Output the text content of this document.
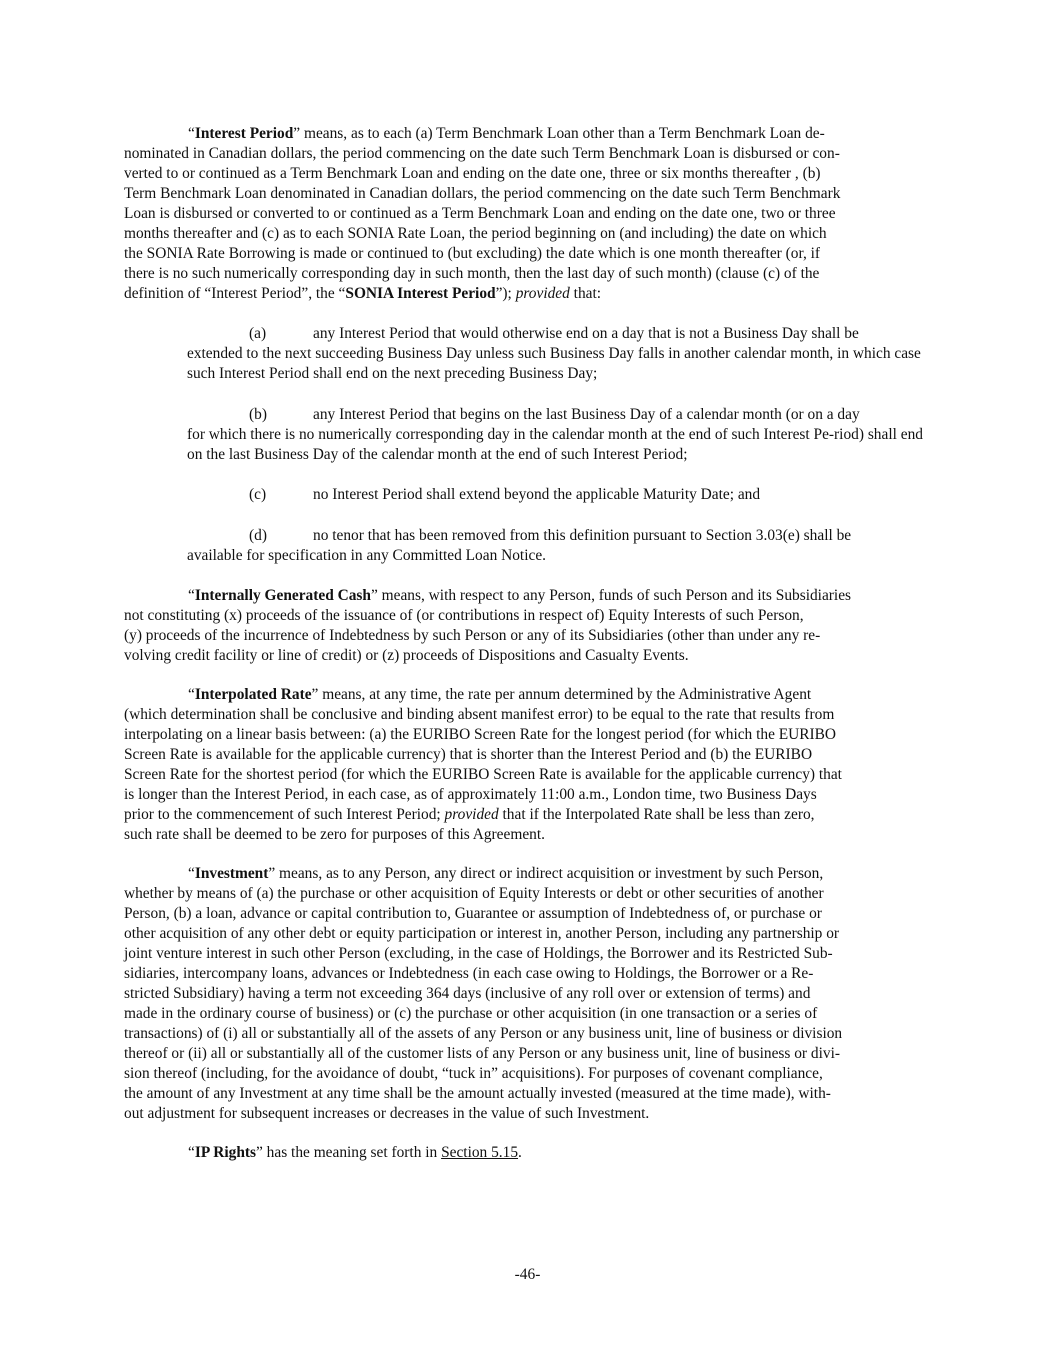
“Interest Period” means, as to each (a) Term Benchmark Loan other than a Term Benchmark Loan de-
nominated in Canadian dollars, the period commencing on the date such Term Benchmark Loan is disbursed or con-
verted to or continued as a Term Benchmark Loan and ending on the date one, three or six months thereafter , (b)
Term Benchmark Loan denominated in Canadian dollars, the period commencing on the date such Term Benchmark
Loan is disbursed or converted to or continued as a Term Benchmark Loan and ending on the date one, two or three
months thereafter and (c) as to each SONIA Rate Loan, the period beginning on (and including) the date on which
the SONIA Rate Borrowing is made or continued to (but excluding) the date which is one month thereafter (or, if
there is no such numerically corresponding day in such month, then the last day of such month) (clause (c) of the
definition of “Interest Period”, the “SONIA Interest Period”); provided that:
(a)	any Interest Period that would otherwise end on a day that is not a Business Day shall be
extended to the next succeeding Business Day unless such Business Day falls in another calendar month, in which case such Interest Period shall end on the next preceding Business Day;
(b)	any Interest Period that begins on the last Business Day of a calendar month (or on a day
for which there is no numerically corresponding day in the calendar month at the end of such Interest Pe-riod) shall end on the last Business Day of the calendar month at the end of such Interest Period;
(c)	no Interest Period shall extend beyond the applicable Maturity Date; and
(d)	no tenor that has been removed from this definition pursuant to Section 3.03(e) shall be
available for specification in any Committed Loan Notice.
“Internally Generated Cash” means, with respect to any Person, funds of such Person and its Subsidiaries
not constituting (x) proceeds of the issuance of (or contributions in respect of) Equity Interests of such Person,
(y) proceeds of the incurrence of Indebtedness by such Person or any of its Subsidiaries (other than under any re-
volving credit facility or line of credit) or (z) proceeds of Dispositions and Casualty Events.
“Interpolated Rate” means, at any time, the rate per annum determined by the Administrative Agent
(which determination shall be conclusive and binding absent manifest error) to be equal to the rate that results from
interpolating on a linear basis between: (a) the EURIBO Screen Rate for the longest period (for which the EURIBO
Screen Rate is available for the applicable currency) that is shorter than the Interest Period and (b) the EURIBO
Screen Rate for the shortest period (for which the EURIBO Screen Rate is available for the applicable currency) that
is longer than the Interest Period, in each case, as of approximately 11:00 a.m., London time, two Business Days
prior to the commencement of such Interest Period; provided that if the Interpolated Rate shall be less than zero,
such rate shall be deemed to be zero for purposes of this Agreement.
“Investment” means, as to any Person, any direct or indirect acquisition or investment by such Person,
whether by means of (a) the purchase or other acquisition of Equity Interests or debt or other securities of another
Person, (b) a loan, advance or capital contribution to, Guarantee or assumption of Indebtedness of, or purchase or
other acquisition of any other debt or equity participation or interest in, another Person, including any partnership or
joint venture interest in such other Person (excluding, in the case of Holdings, the Borrower and its Restricted Sub-
sidiaries, intercompany loans, advances or Indebtedness (in each case owing to Holdings, the Borrower or a Re-
stricted Subsidiary) having a term not exceeding 364 days (inclusive of any roll over or extension of terms) and
made in the ordinary course of business) or (c) the purchase or other acquisition (in one transaction or a series of
transactions) of (i) all or substantially all of the assets of any Person or any business unit, line of business or division
thereof or (ii) all or substantially all of the customer lists of any Person or any business unit, line of business or divi-
sion thereof (including, for the avoidance of doubt, “tuck in” acquisitions). For purposes of covenant compliance,
the amount of any Investment at any time shall be the amount actually invested (measured at the time made), with-
out adjustment for subsequent increases or decreases in the value of such Investment.
“IP Rights” has the meaning set forth in Section 5.15.
-46-
